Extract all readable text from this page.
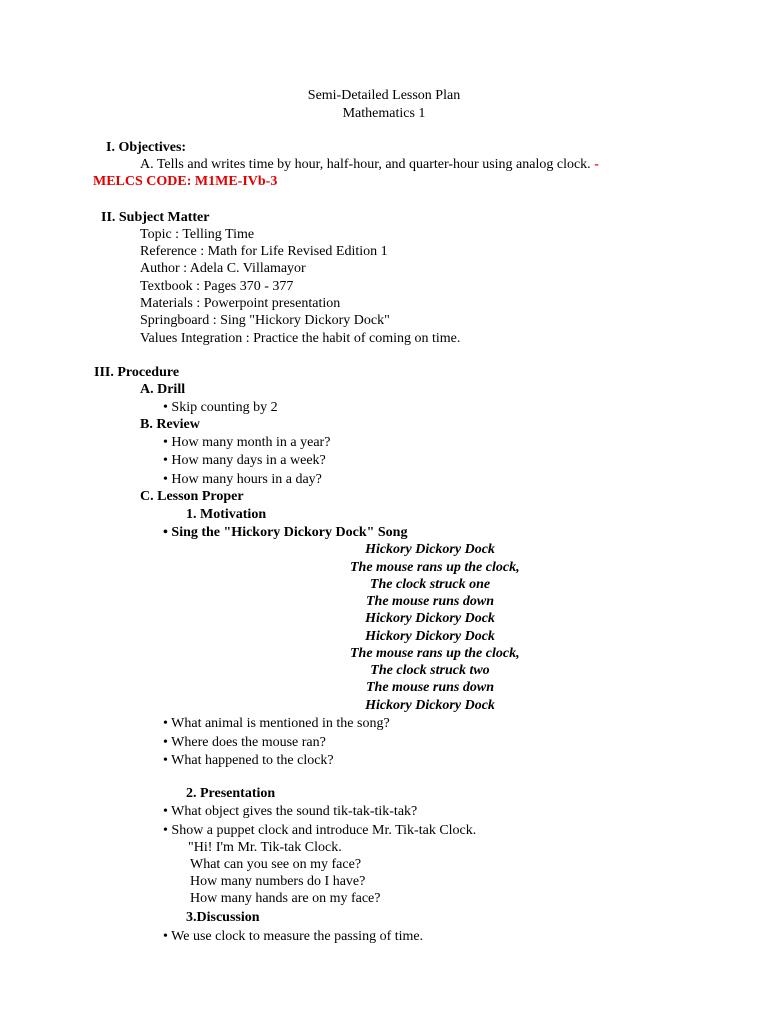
Semi-Detailed Lesson Plan
Mathematics 1
I. Objectives:
A. Tells and writes time by hour, half-hour, and quarter-hour using analog clock. -
MELCS CODE: M1ME-IVb-3
II. Subject Matter
Topic : Telling Time
Reference : Math for Life Revised Edition 1
Author : Adela C. Villamayor
Textbook : Pages 370 - 377
Materials : Powerpoint presentation
Springboard : Sing "Hickory Dickory Dock"
Values Integration : Practice the habit of coming on time.
III. Procedure
A. Drill
• Skip counting by 2
B. Review
• How many month in a year?
• How many days in a week?
• How many hours in a day?
C. Lesson Proper
1. Motivation
• Sing the "Hickory Dickory Dock" Song
Hickory Dickory Dock
The mouse rans up the clock,
The clock struck one
The mouse runs down
Hickory Dickory Dock
Hickory Dickory Dock
The mouse rans up the clock,
The clock struck two
The mouse runs down
Hickory Dickory Dock
• What animal is mentioned in the song?
• Where does the mouse ran?
• What happened to the clock?
2. Presentation
• What object gives the sound tik-tak-tik-tak?
• Show a puppet clock and introduce Mr. Tik-tak Clock.
"Hi! I'm Mr. Tik-tak Clock.
What can you see on my face?
How many numbers do I have?
How many hands are on my face?
3.Discussion
• We use clock to measure the passing of time.
